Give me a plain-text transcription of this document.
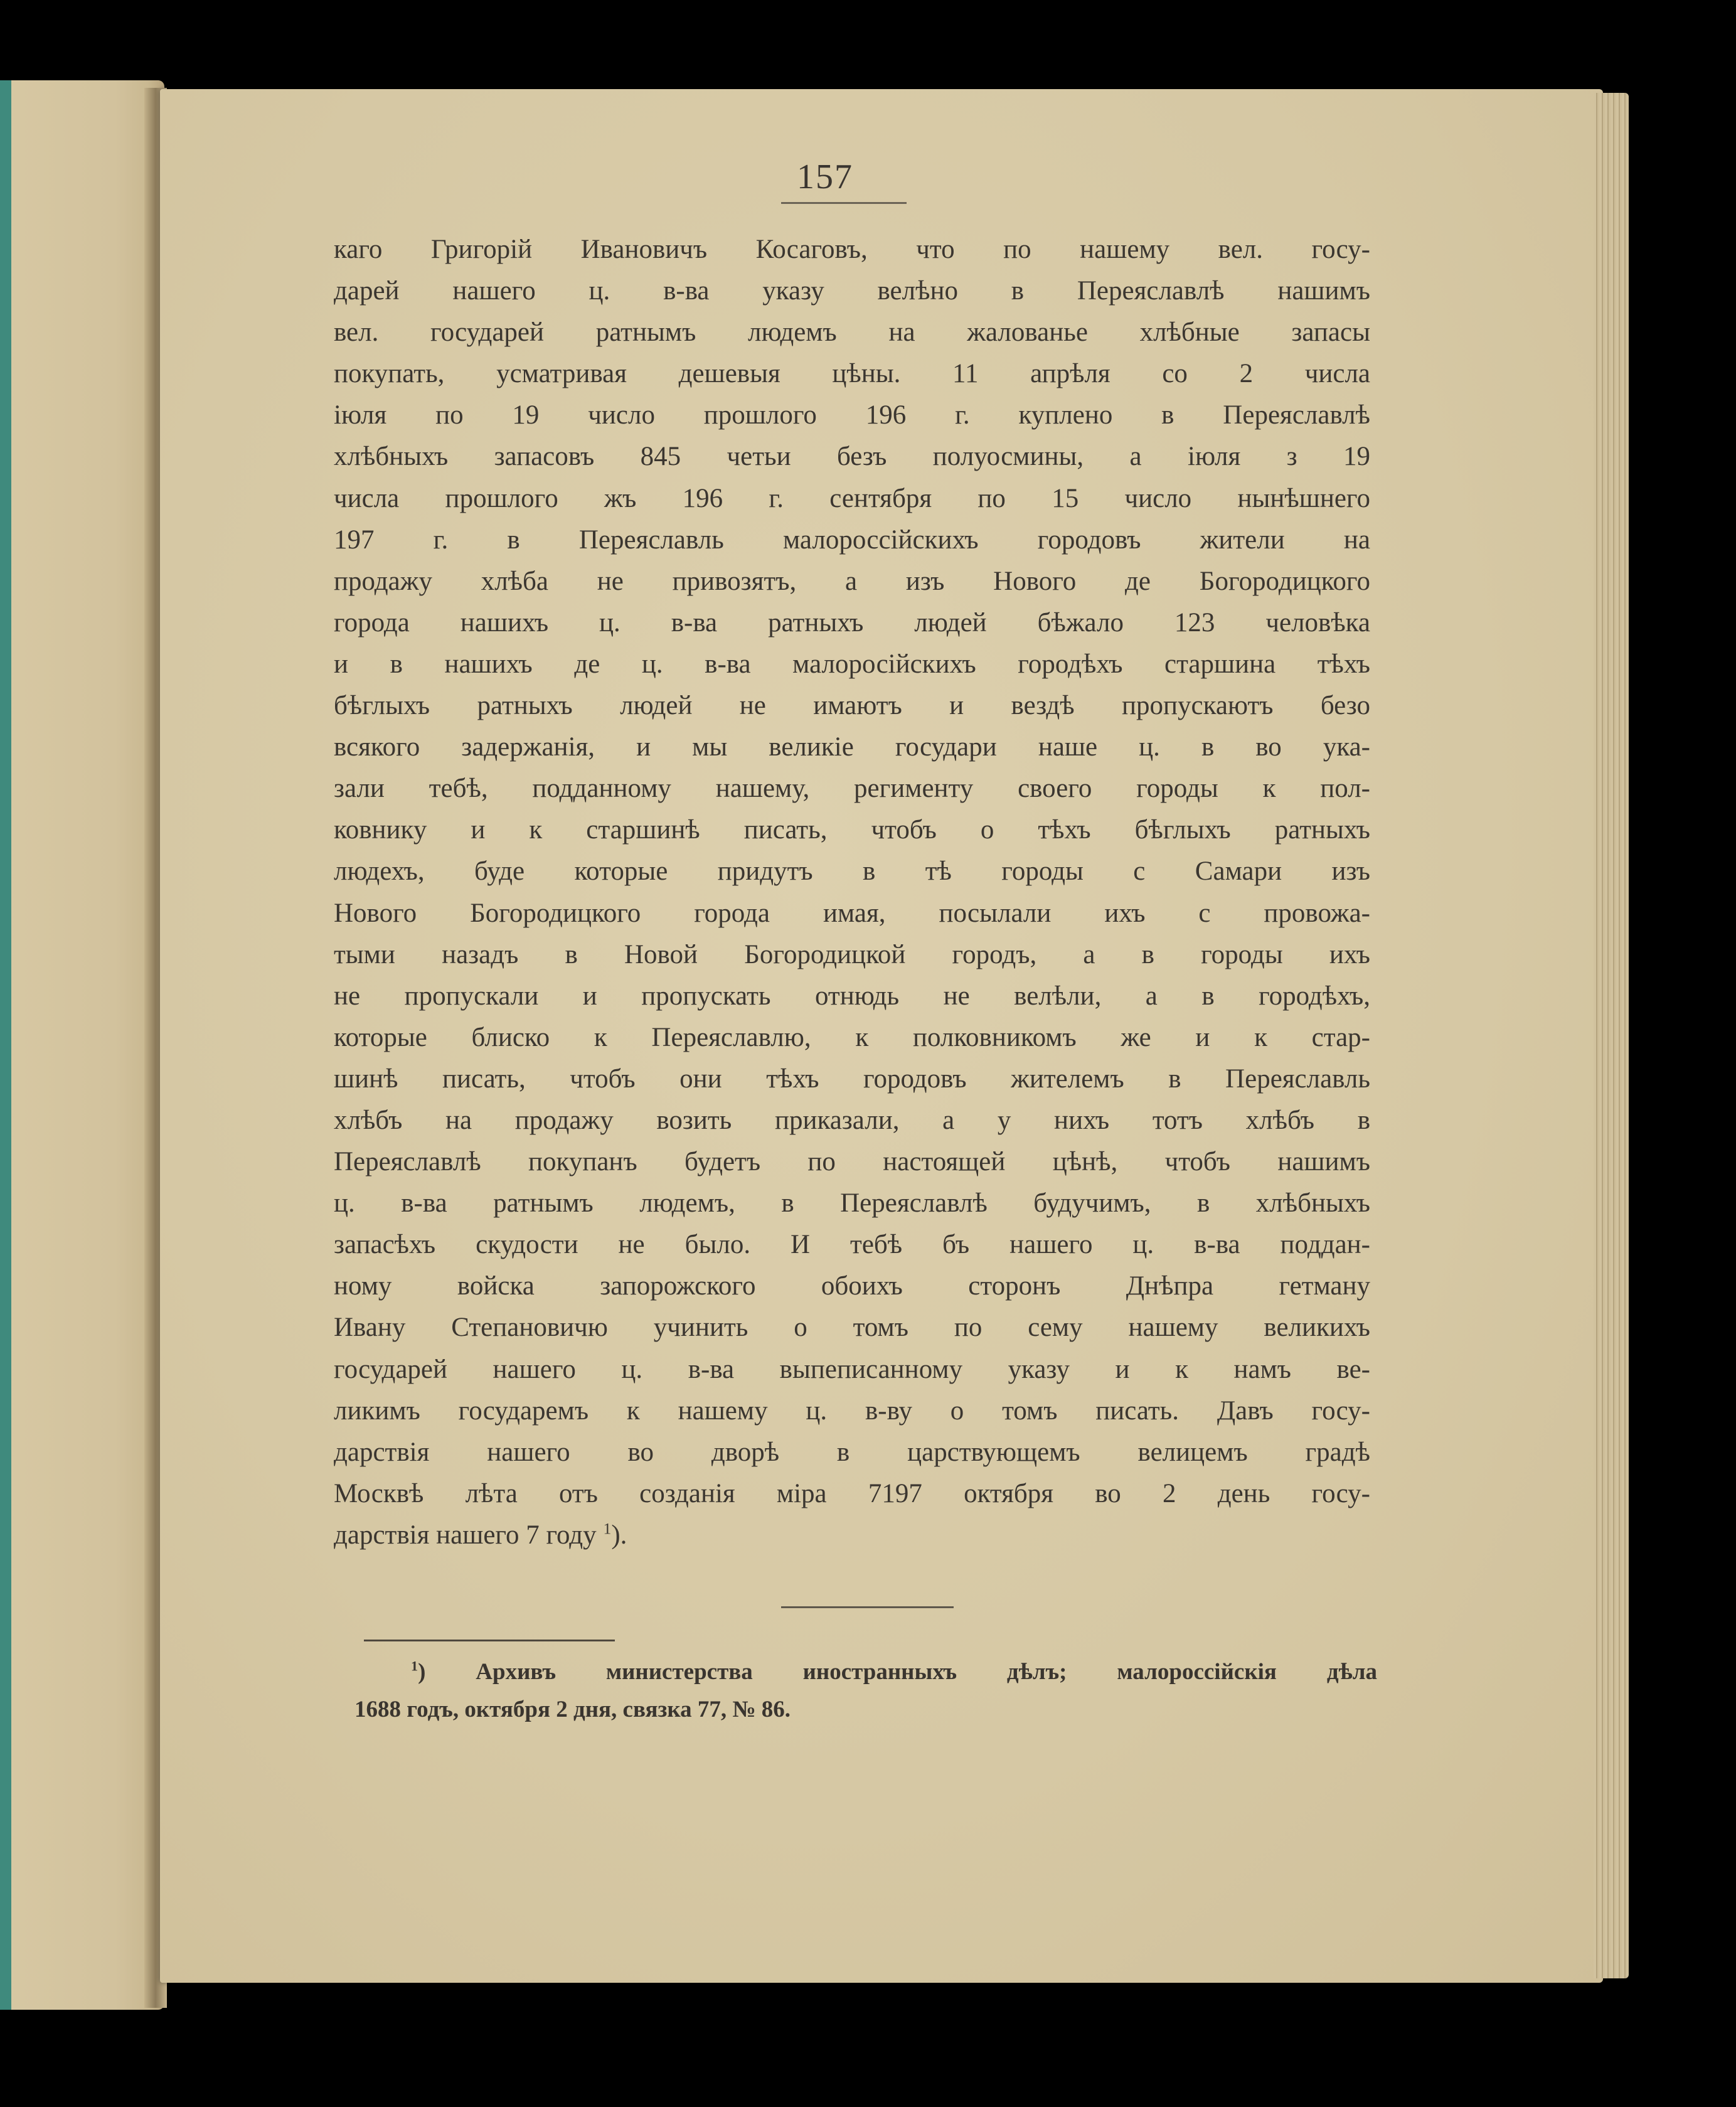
157
каго Григорій Ивановичъ Косаговъ, что по нашему вел. госу-
дарей нашего ц. в-ва указу велѣно в Переяславлѣ нашимъ
вел. государей ратнымъ людемъ на жалованье хлѣбные запасы
покупать, усматривая дешевыя цѣны. 11 апрѣля со 2 числа
іюля по 19 число прошлого 196 г. куплено в Переяславлѣ
хлѣбныхъ запасовъ 845 четьи безъ полуосмины, а іюля з 19
числа прошлого жъ 196 г. сентября по 15 число нынѣшнего
197 г. в Переяславль малороссійскихъ городовъ жители на
продажу хлѣба не привозятъ, а изъ Нового де Богородицкого
города нашихъ ц. в-ва ратныхъ людей бѣжало 123 человѣка
и в нашихъ де ц. в-ва малоросійскихъ городѣхъ старшина тѣхъ
бѣглыхъ ратныхъ людей не имаютъ и вездѣ пропускаютъ безо
всякого задержанія, и мы великіе государи наше ц. в во ука-
зали тебѣ, подданному нашему, регименту своего городы к пол-
ковнику и к старшинѣ писать, чтобъ о тѣхъ бѣглыхъ ратныхъ
людехъ, буде которые придутъ в тѣ городы с Самари изъ
Нового Богородицкого города имая, посылали ихъ с провожа-
тыми назадъ в Новой Богородицкой городъ, а в городы ихъ
не пропускали и пропускать отнюдь не велѣли, а в городѣхъ,
которые блиско к Переяславлю, к полковникомъ же и к стар-
шинѣ писать, чтобъ они тѣхъ городовъ жителемъ в Переяславль
хлѣбъ на продажу возить приказали, а у нихъ тотъ хлѣбъ в
Переяславлѣ покупанъ будетъ по настоящей цѣнѣ, чтобъ нашимъ
ц. в-ва ратнымъ людемъ, в Переяславлѣ будучимъ, в хлѣбныхъ
запасѣхъ скудости не было. И тебѣ бъ нашего ц. в-ва поддан-
ному войска запорожского обоихъ сторонъ Днѣпра гетману
Ивану Степановичю учинить о томъ по сему нашему великихъ
государей нашего ц. в-ва выпеписанному указу и к намъ ве-
ликимъ государемъ к нашему ц. в-ву о томъ писать. Давъ госу-
дарствія нашего во дворѣ в царствующемъ велицемъ градѣ
Москвѣ лѣта отъ созданія міра 7197 октября во 2 день госу-
дарствія нашего 7 году $^1$).
$^1$) Архивъ министерства иностранныхъ дѣлъ; малороссійскія дѣла
1688 годъ, октября 2 дня, связка 77, № 86.
